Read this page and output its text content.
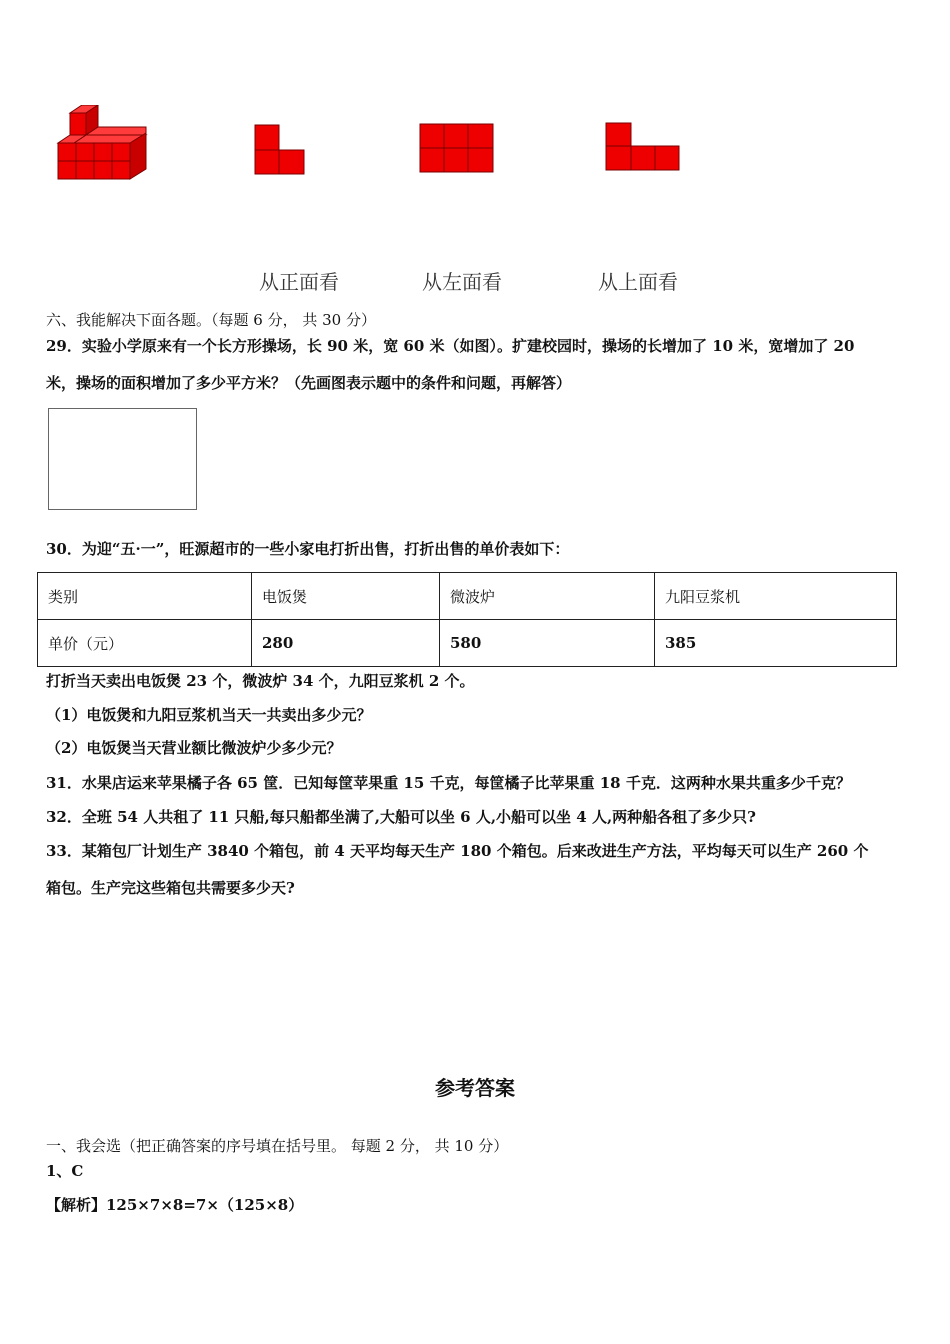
从正面看	从左面看	从上面看
六、我能解决下面各题。（每题 6 分， 共 30 分）
29．实验小学原来有一个长方形操场，长 90 米，宽 60 米（如图）。扩建校园时，操场的长增加了 10 米，宽增加了 20
米，操场的面积增加了多少平方米？（先画图表示题中的条件和问题，再解答）
30．为迎“五·一”，旺源超市的一些小家电打折出售，打折出售的单价表如下：
类别	电饭煲	微波炉	九阳豆浆机
单价（元）	280	580	385
打折当天卖出电饭煲 23 个，微波炉 34 个，九阳豆浆机 2 个。
（1）电饭煲和九阳豆浆机当天一共卖出多少元？
（2）电饭煲当天营业额比微波炉少多少元？
31．水果店运来苹果橘子各 65 筐．已知每筐苹果重 15 千克，每筐橘子比苹果重 18 千克．这两种水果共重多少千克？
32．全班 54 人共租了 11 只船,每只船都坐满了,大船可以坐 6 人,小船可以坐 4 人,两种船各租了多少只?
33．某箱包厂计划生产 3840 个箱包，前 4 天平均每天生产 180 个箱包。后来改进生产方法，平均每天可以生产 260 个
箱包。生产完这些箱包共需要多少天?
参考答案
一、我会选（把正确答案的序号填在括号里。 每题 2 分， 共 10 分）
1、C
【解析】125×7×8=7×（125×8）
